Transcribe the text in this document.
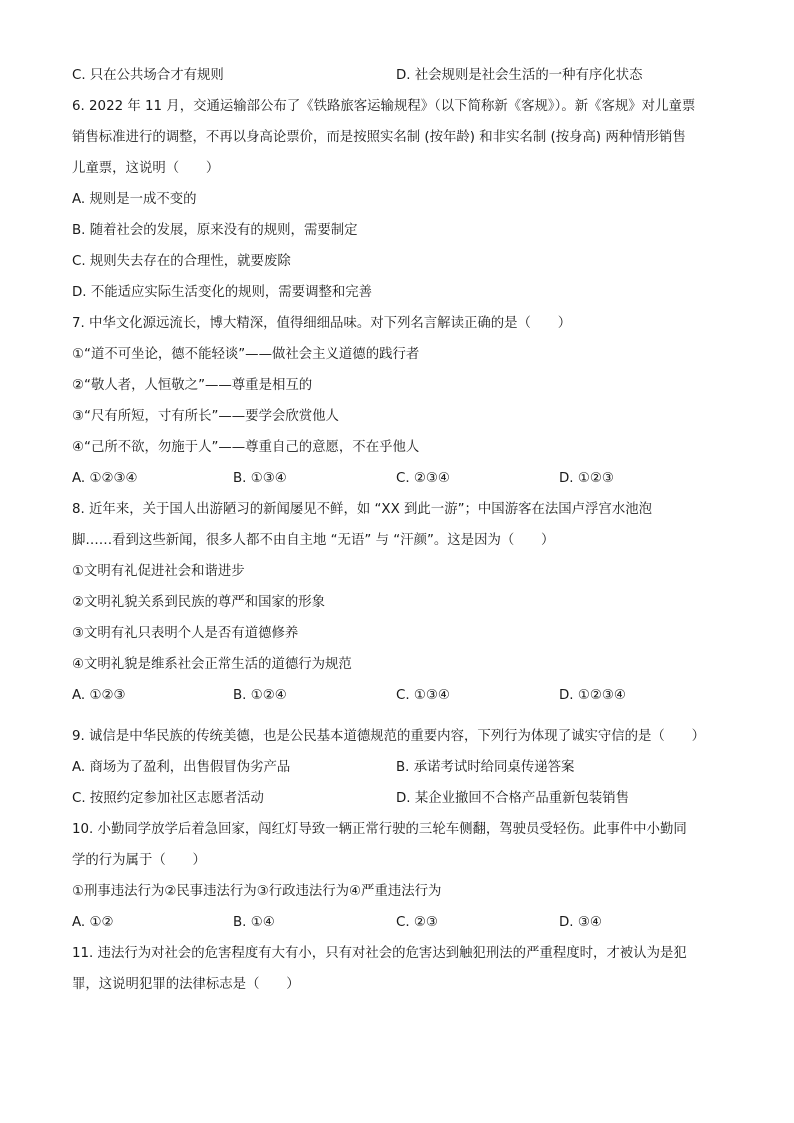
C. 只在公共场合才有规则	D. 社会规则是社会生活的一种有序化状态
6. 2022 年 11 月，交通运输部公布了《铁路旅客运输规程》（以下简称新《客规》）。新《客规》对儿童票
销售标准进行的调整，不再以身高论票价，而是按照实名制 (按年龄) 和非实名制 (按身高) 两种情形销售
儿童票，这说明（　　）
A. 规则是一成不变的
B. 随着社会的发展，原来没有的规则，需要制定
C. 规则失去存在的合理性，就要废除
D. 不能适应实际生活变化的规则，需要调整和完善
7. 中华文化源远流长，博大精深，值得细细品味。对下列名言解读正确的是（　　）
①“道不可坐论，德不能轻谈”——做社会主义道德的践行者
②“敬人者，人恒敬之”——尊重是相互的
③“尺有所短，寸有所长”——要学会欣赏他人
④“己所不欲，勿施于人”——尊重自己的意愿，不在乎他人
A. ①②③④	B. ①③④	C. ②③④	D. ①②③
8. 近年来，关于国人出游陋习的新闻屡见不鲜，如 “XX 到此一游”；中国游客在法国卢浮宫水池泡
脚……看到这些新闻，很多人都不由自主地 “无语” 与 “汗颜”。这是因为（　　）
①文明有礼促进社会和谐进步
②文明礼貌关系到民族的尊严和国家的形象
③文明有礼只表明个人是否有道德修养
④文明礼貌是维系社会正常生活的道德行为规范
A. ①②③	B. ①②④	C. ①③④	D. ①②③④
9. 诚信是中华民族的传统美德，也是公民基本道德规范的重要内容，下列行为体现了诚实守信的是（　　）
A. 商场为了盈利，出售假冒伪劣产品	B. 承诺考试时给同桌传递答案
C. 按照约定参加社区志愿者活动	D. 某企业撤回不合格产品重新包装销售
10. 小勤同学放学后着急回家，闯红灯导致一辆正常行驶的三轮车侧翻，驾驶员受轻伤。此事件中小勤同
学的行为属于（　　）
①刑事违法行为②民事违法行为③行政违法行为④严重违法行为
A. ①②	B. ①④	C. ②③	D. ③④
11. 违法行为对社会的危害程度有大有小，只有对社会的危害达到触犯刑法的严重程度时，才被认为是犯
罪，这说明犯罪的法律标志是（　　）
